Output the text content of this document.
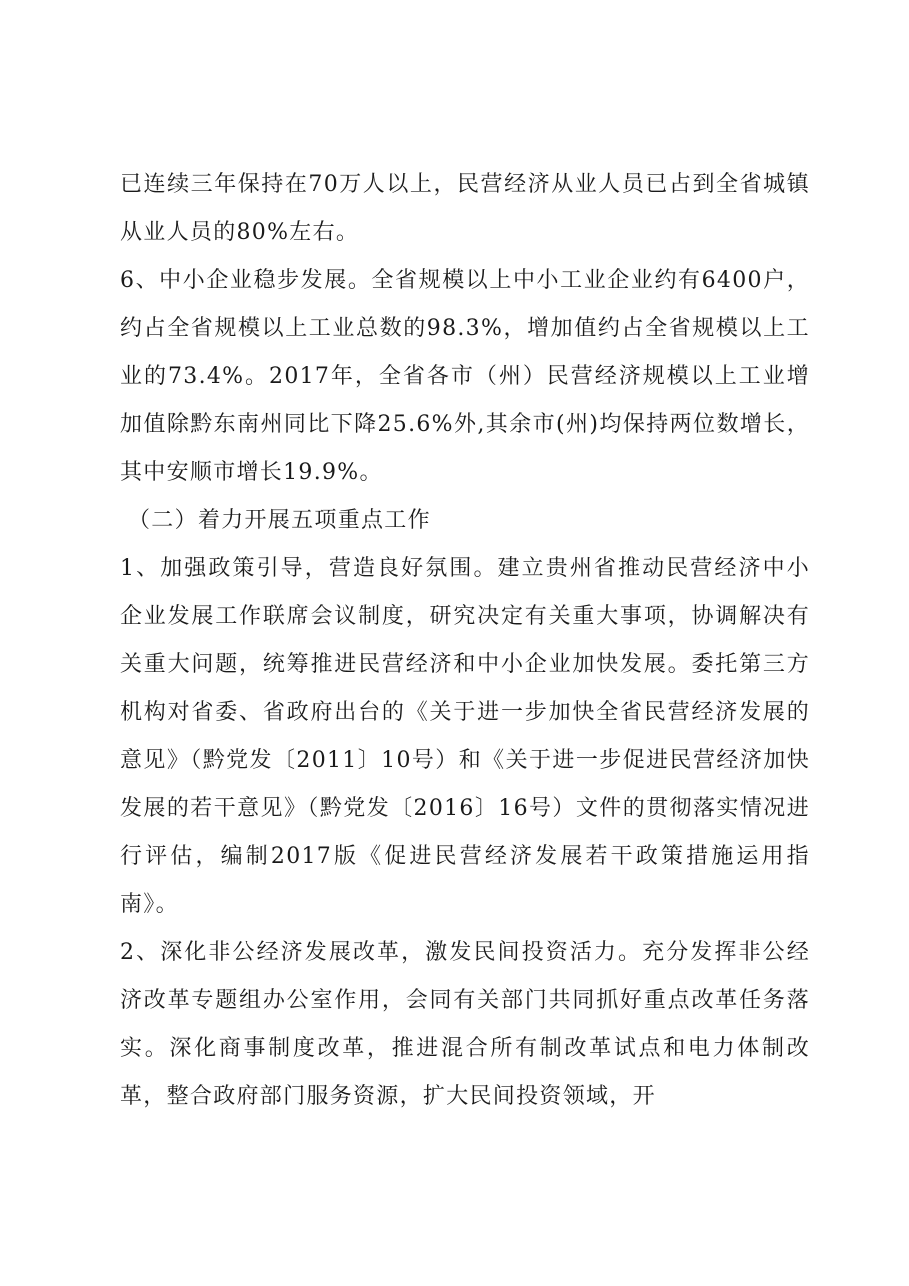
已连续三年保持在70万人以上，民营经济从业人员已占到全省城镇从业人员的80%左右。

6、中小企业稳步发展。全省规模以上中小工业企业约有6400户，约占全省规模以上工业总数的98.3%，增加值约占全省规模以上工业的73.4%。2017年，全省各市（州）民营经济规模以上工业增加值除黔东南州同比下降25.6%外,其余市(州)均保持两位数增长，其中安顺市增长19.9%。

（二）着力开展五项重点工作

1、加强政策引导，营造良好氛围。建立贵州省推动民营经济中小企业发展工作联席会议制度，研究决定有关重大事项，协调解决有关重大问题，统筹推进民营经济和中小企业加快发展。委托第三方机构对省委、省政府出台的《关于进一步加快全省民营经济发展的意见》（黔党发〔2011〕10号）和《关于进一步促进民营经济加快发展的若干意见》（黔党发〔2016〕16号）文件的贯彻落实情况进行评估，编制2017版《促进民营经济发展若干政策措施运用指南》。

2、深化非公经济发展改革，激发民间投资活力。充分发挥非公经济改革专题组办公室作用，会同有关部门共同抓好重点改革任务落实。深化商事制度改革，推进混合所有制改革试点和电力体制改革，整合政府部门服务资源，扩大民间投资领域，开
